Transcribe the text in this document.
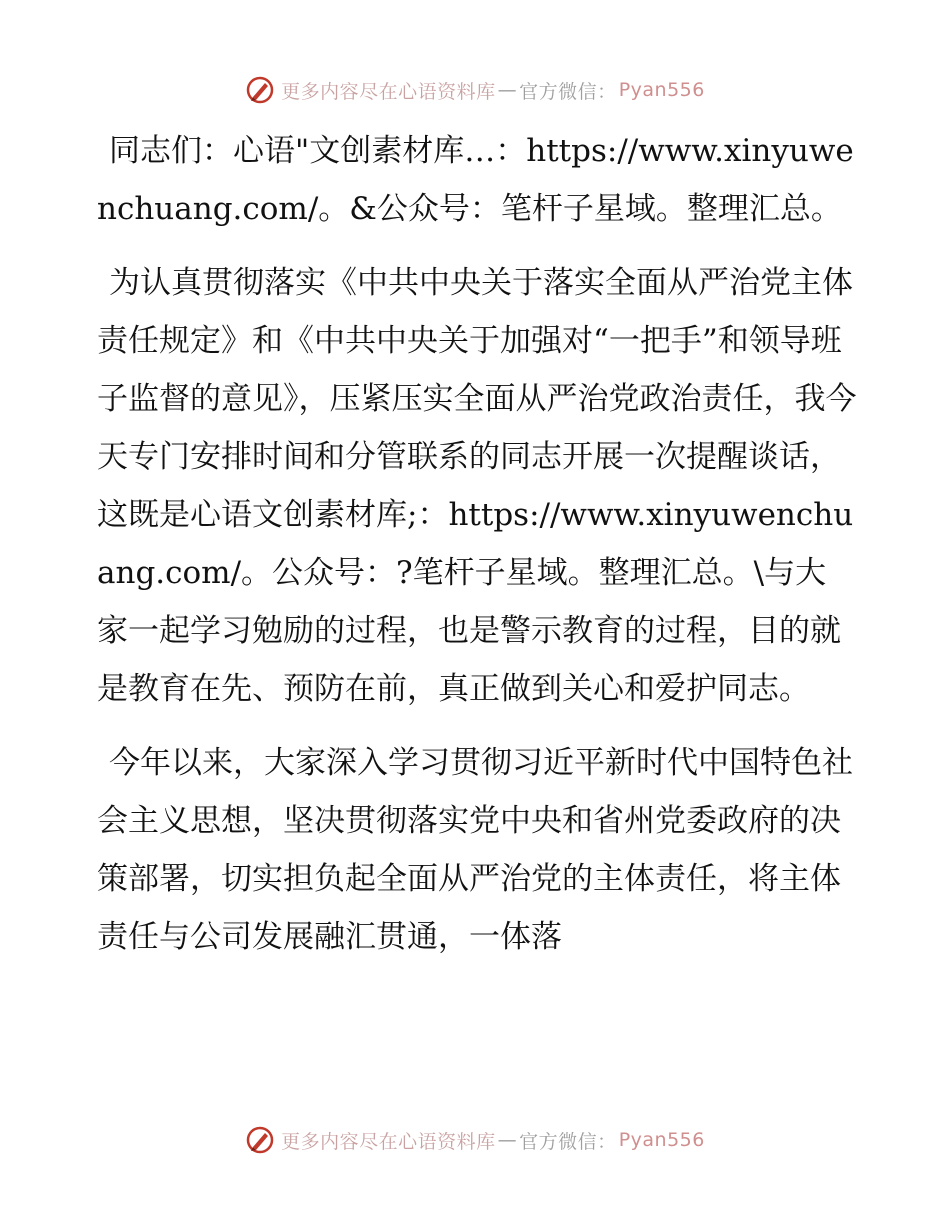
更多内容尽在心语资料库 — 官方微信： Pyan556

同志们：心语"文创素材库…：https://www.xinyuwenchuang.com/。&公众号：笔杆子星域。整理汇总。

为认真贯彻落实《中共中央关于落实全面从严治党主体责任规定》和《中共中央关于加强对“一把手”和领导班子监督的意见》，压紧压实全面从严治党政治责任，我今天专门安排时间和分管联系的同志开展一次提醒谈话，这既是心语文创素材库;：https://www.xinyuwenchuang.com/。公众号：?笔杆子星域。整理汇总。\与大家一起学习勉励的过程，也是警示教育的过程，目的就是教育在先、预防在前，真正做到关心和爱护同志。

今年以来，大家深入学习贯彻习近平新时代中国特色社会主义思想，坚决贯彻落实党中央和省州党委政府的决策部署，切实担负起全面从严治党的主体责任，将主体责任与公司发展融汇贯通，一体落

更多内容尽在心语资料库 — 官方微信： Pyan556
